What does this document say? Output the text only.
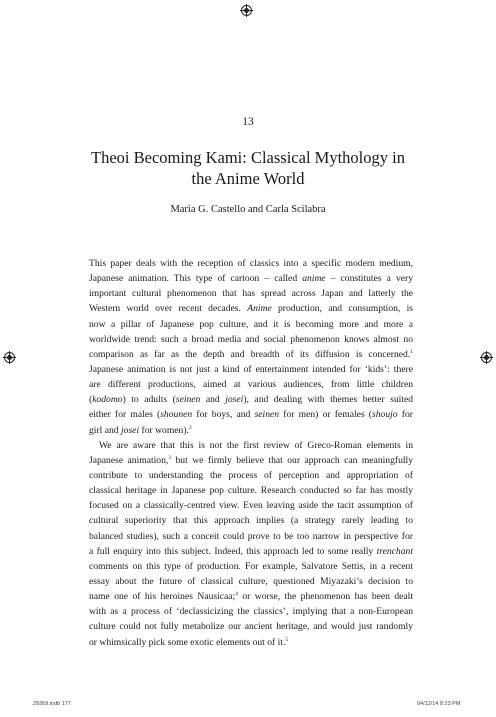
13
Theoi Becoming Kami: Classical Mythology in
the Anime World
Maria G. Castello and Carla Scilabra
This paper deals with the reception of classics into a specific modern medium,
Japanese animation. This type of cartoon – called anime – constitutes a very
important cultural phenomenon that has spread across Japan and latterly the
Western world over recent decades. Anime production, and consumption, is
now a pillar of Japanese pop culture, and it is becoming more and more a
worldwide trend: such a broad media and social phenomenon knows almost no
comparison as far as the depth and breadth of its diffusion is concerned.$^1$
Japanese animation is not just a kind of entertainment intended for ‘kids’: there
are different productions, aimed at various audiences, from little children
(kodomo) to adults (seinen and josei), and dealing with themes better suited
either for males (shounen for boys, and seinen for men) or females (shoujo for
girl and josei for women).$^2$
We are aware that this is not the first review of Greco-Roman elements in
Japanese animation,$^3$ but we firmly believe that our approach can meaningfully
contribute to understanding the process of perception and appropriation of
classical heritage in Japanese pop culture. Research conducted so far has mostly
focused on a classically-centred view. Even leaving aside the tacit assumption of
cultural superiority that this approach implies (a strategy rarely leading to
balanced studies), such a conceit could prove to be too narrow in perspective for
a full enquiry into this subject. Indeed, this approach led to some really trenchant
comments on this type of production. For example, Salvatore Settis, in a recent
essay about the future of classical culture, questioned Miyazaki’s decision to
name one of his heroines Nausicaa;$^4$ or worse, the phenomenon has been dealt
with as a process of ‘declassicizing the classics’, implying that a non-European
culture could not fully metabolize our ancient heritage, and would just randomly
or whimsically pick some exotic elements out of it.$^5$
29369.indb 177	04/12/14 8:23 PM
